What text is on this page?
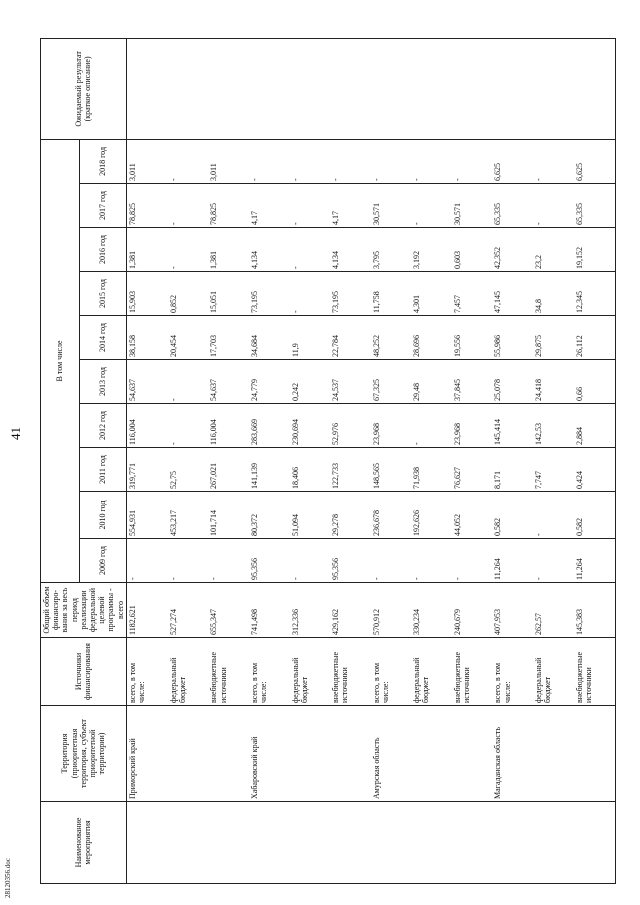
41
28120356.doc
Наименование мероприятия	Территория (приоритетная территория, субъект приоритетной территории)	Источники финансирования	Общий объем финансиро-вания за весь период реализации федеральной целевой программы - всего	В том числе										Ожидаемый результат (краткое описание)
				2009 год	2010 год	2011 год	2012 год	2013 год	2014 год	2015 год	2016 год	2017 год	2018 год	
	Приморский край	всего, в том числе:	1182,621	-	554,931	319,771	116,004	54,637	38,158	15,903	1,381	78,825	3,011	
		федеральный бюджет	527,274	-	453,217	52,75	-	-	20,454	0,852	-	-	-	
		внебюджетные источники	655,347	-	101,714	267,021	116,004	54,637	17,703	15,051	1,381	78,825	3,011	
	Хабаровский край	всего, в том числе:	741,498	95,356	80,372	141,139	283,669	24,779	34,684	73,195	4,134	4,17	-	
		федеральный бюджет	312,336	-	51,094	18,406	230,694	0,242	11,9	-	-	-	-	
		внебюджетные источники	429,162	95,356	29,278	122,733	52,976	24,537	22,784	73,195	4,134	4,17	-	
	Амурская область	всего, в том числе:	570,912	-	236,678	148,565	23,968	67,325	48,252	11,758	3,795	30,571	-	
		федеральный бюджет	330,234	-	192,626	71,938	-	29,48	28,696	4,301	3,192	-	-	
		внебюджетные источники	240,679	-	44,052	76,627	23,968	37,845	19,556	7,457	0,603	30,571	-	
	Магаданская область	всего, в том числе:	407,953	11,264	0,582	8,171	145,414	25,078	55,986	47,145	42,352	65,335	6,625	
		федеральный бюджет	262,57	-	-	7,747	142,53	24,418	29,875	34,8	23,2	-	-	
		внебюджетные источники	145,383	11,264	0,582	0,424	2,884	0,66	26,112	12,345	19,152	65,335	6,625	
